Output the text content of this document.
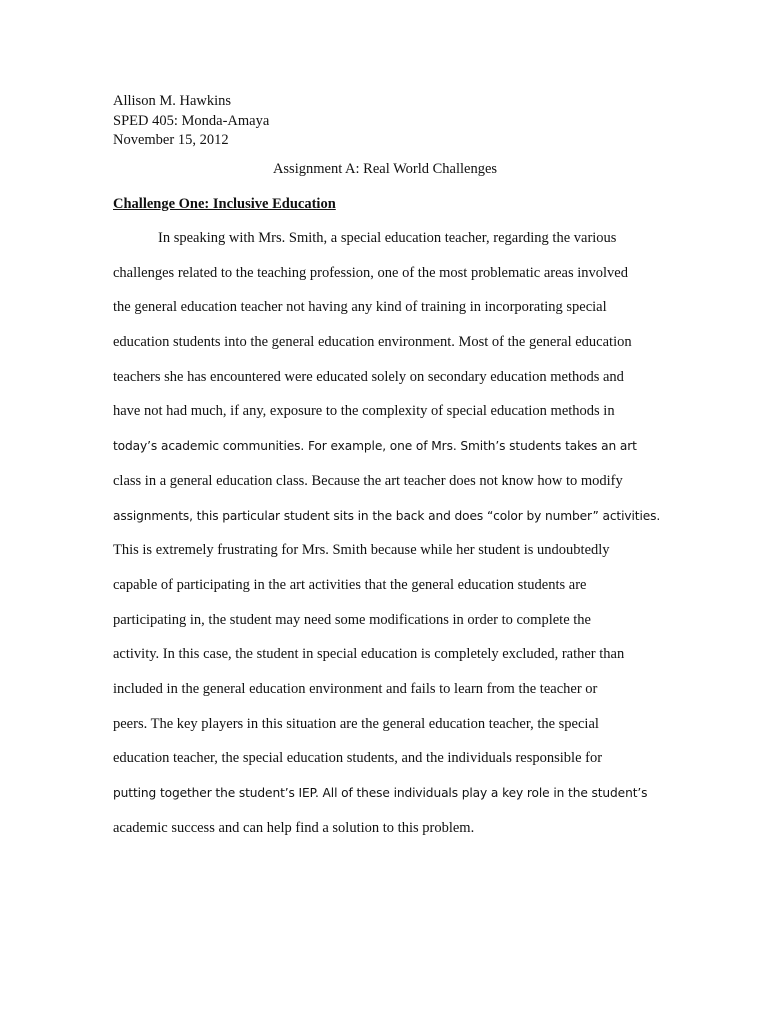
Allison M. Hawkins
SPED 405: Monda-Amaya
November 15, 2012
Assignment A: Real World Challenges
Challenge One: Inclusive Education
In speaking with Mrs. Smith, a special education teacher, regarding the various
challenges related to the teaching profession, one of the most problematic areas involved
the general education teacher not having any kind of training in incorporating special
education students into the general education environment. Most of the general education
teachers she has encountered were educated solely on secondary education methods and
have not had much, if any, exposure to the complexity of special education methods in
today’s academic communities. For example, one of Mrs. Smith’s students takes an art
class in a general education class. Because the art teacher does not know how to modify
assignments, this particular student sits in the back and does “color by number” activities.
This is extremely frustrating for Mrs. Smith because while her student is undoubtedly
capable of participating in the art activities that the general education students are
participating in, the student may need some modifications in order to complete the
activity. In this case, the student in special education is completely excluded, rather than
included in the general education environment and fails to learn from the teacher or
peers. The key players in this situation are the general education teacher, the special
education teacher, the special education students, and the individuals responsible for
putting together the student’s IEP. All of these individuals play a key role in the student’s
academic success and can help find a solution to this problem.
